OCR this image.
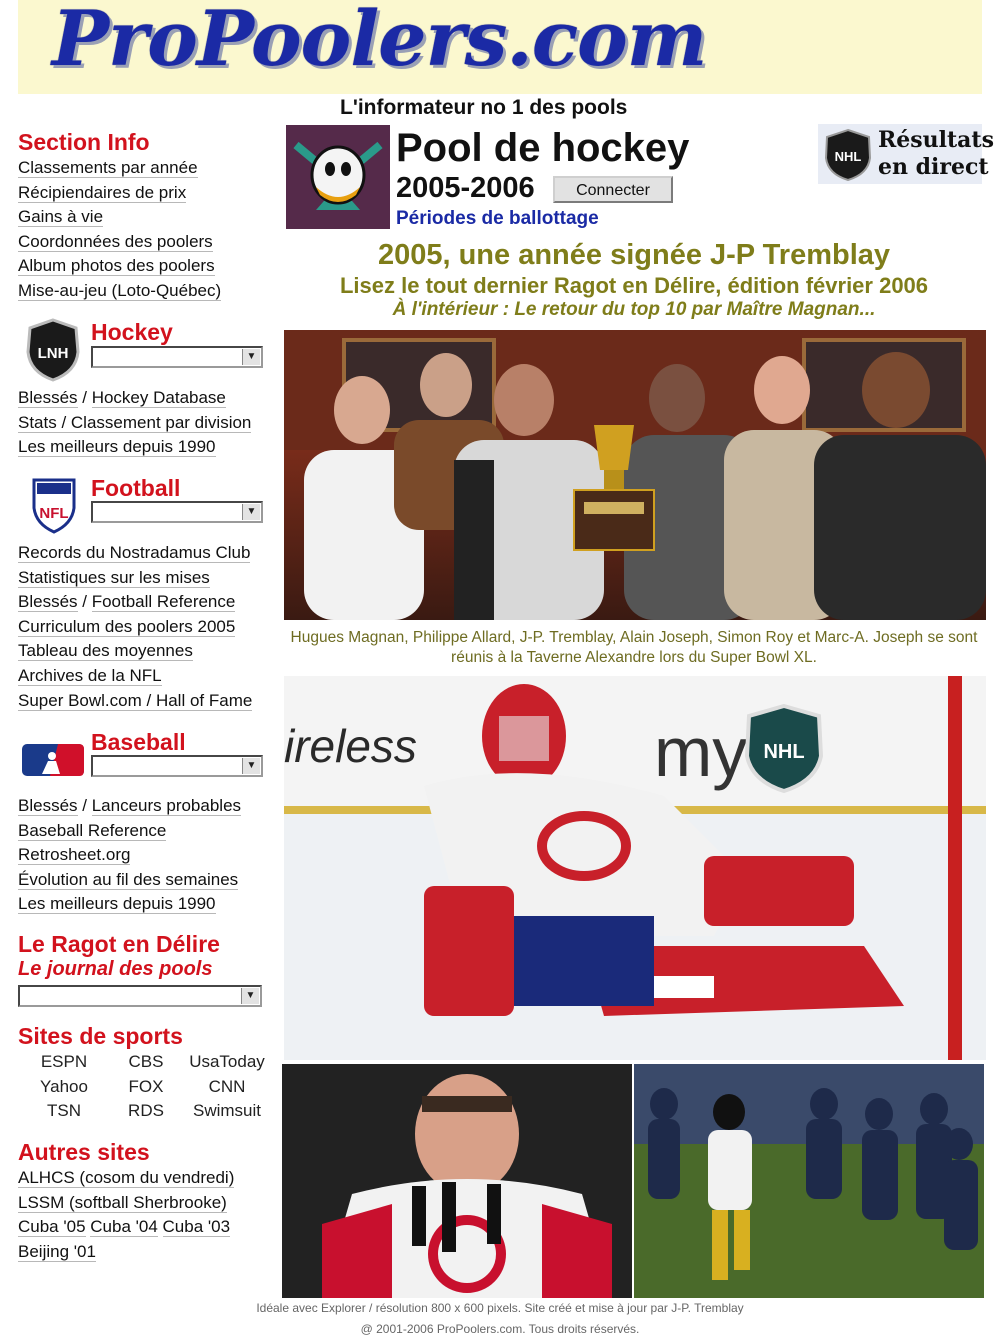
ProPoolers.com
L'informateur no 1 des pools
Section Info
Classements par année
Récipiendaires de prix
Gains à vie
Coordonnées des poolers
Album photos des poolers
Mise-au-jeu (Loto-Québec)
LNH
Hockey
▼
Blessés / Hockey Database
Stats / Classement par division
Les meilleurs depuis 1990
NFL
Football
▼
Records du Nostradamus Club
Statistiques sur les mises
Blessés / Football Reference
Curriculum des poolers 2005
Tableau des moyennes
Archives de la NFL
Super Bowl.com / Hall of Fame
Baseball
▼
Blessés / Lanceurs probables
Baseball Reference
Retrosheet.org
Évolution au fil des semaines
Les meilleurs depuis 1990
Le Ragot en Délire
Le journal des pools
▼
Sites de sports
ESPN	CBS	UsaToday
Yahoo	FOX	CNN
TSN	RDS	Swimsuit
Autres sites
ALHCS (cosom du vendredi)
LSSM (softball Sherbrooke)
Cuba '05 Cuba '04 Cuba '03
Beijing '01
Pool de hockey
2005-2006	Connecter
Périodes de ballottage
NHL
Résultats
en direct
2005, une année signée J-P Tremblay
Lisez le tout dernier Ragot en Délire, édition février 2006
À l'intérieur : Le retour du top 10 par Maître Magnan...
Hugues Magnan, Philippe Allard, J-P. Tremblay, Alain Joseph, Simon Roy et Marc-A. Joseph se sont réunis à la Taverne Alexandre lors du Super Bowl XL.
ireless	my NHL
Idéale avec Explorer / résolution 800 x 600 pixels. Site créé et mise à jour par J-P. Tremblay
@ 2001-2006 ProPoolers.com. Tous droits réservés.
